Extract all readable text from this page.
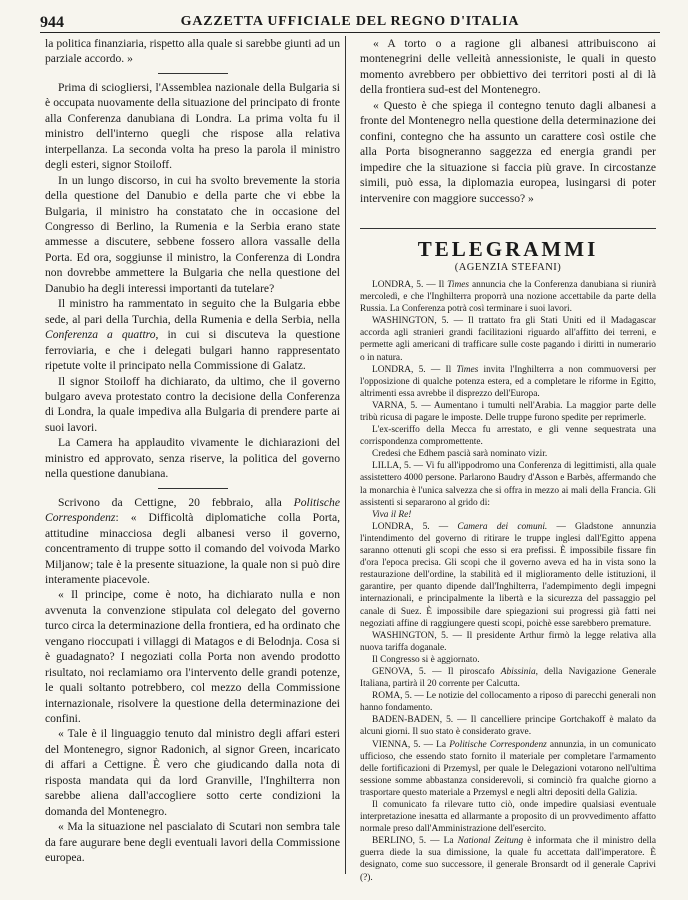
944	GAZZETTA UFFICIALE DEL REGNO D'ITALIA

la politica finanziaria, rispetto alla quale si sarebbe giunti ad un parziale accordo. »

Prima di sciogliersi, l'Assemblea nazionale della Bulgaria si è occupata nuovamente della situazione del principato di fronte alla Conferenza danubiana di Londra. La prima volta fu il ministro dell'interno quegli che rispose alla relativa interpellanza. La seconda volta ha preso la parola il ministro degli esteri, signor Stoiloff.

In un lungo discorso, in cui ha svolto brevemente la storia della questione del Danubio e della parte che vi ebbe la Bulgaria, il ministro ha constatato che in occasione del Congresso di Berlino, la Rumenia e la Serbia erano state ammesse a discutere, sebbene fossero allora vassalle della Porta. Ed ora, soggiunse il ministro, la Conferenza di Londra non dovrebbe ammettere la Bulgaria che nella questione del Danubio ha degli interessi importanti da tutelare?

Il ministro ha rammentato in seguito che la Bulgaria ebbe sede, al pari della Turchia, della Rumenia e della Serbia, nella Conferenza a quattro, in cui si discuteva la questione ferroviaria, e che i delegati bulgari hanno rappresentato ripetute volte il principato nella Commissione di Galatz.

Il signor Stoiloff ha dichiarato, da ultimo, che il governo bulgaro aveva protestato contro la decisione della Conferenza di Londra, la quale impediva alla Bulgaria di prendere parte ai suoi lavori.

La Camera ha applaudito vivamente le dichiarazioni del ministro ed approvato, senza riserve, la politica del governo nella questione danubiana.

Scrivono da Cettigne, 20 febbraio, alla Politische Correspondenz: « Difficoltà diplomatiche colla Porta, attitudine minacciosa degli albanesi verso il governo, concentramento di truppe sotto il comando del voivoda Marko Miljanow; tale è la presente situazione, la quale non si può dire interamente piacevole.

« Il principe, come è noto, ha dichiarato nulla e non avvenuta la convenzione stipulata col delegato del governo turco circa la determinazione della frontiera, ed ha ordinato che vengano rioccupati i villaggi di Matagos e di Belodnja. Cosa si è guadagnato? I negoziati colla Porta non avendo prodotto risultato, noi reclamiamo ora l'intervento delle grandi potenze, le quali soltanto potrebbero, col mezzo della Commissione internazionale, risolvere la questione della determinazione dei confini.

« Tale è il linguaggio tenuto dal ministro degli affari esteri del Montenegro, signor Radonich, al signor Green, incaricato di affari a Cettigne. È vero che giudicando dalla nota di risposta mandata qui da lord Granville, l'Inghilterra non sarebbe aliena dall'accogliere sotto certe condizioni la domanda del Montenegro.

« Ma la situazione nel pascialato di Scutari non sembra tale da fare augurare bene degli eventuali lavori della Commissione europea.

« A torto o a ragione gli albanesi attribuiscono ai montenegrini delle velleità annessioniste, le quali in questo momento avrebbero per obbiettivo dei territori posti al di là della frontiera sud-est del Montenegro.

« Questo è che spiega il contegno tenuto dagli albanesi a fronte del Montenegro nella questione della determinazione dei confini, contegno che ha assunto un carattere così ostile che alla Porta bisogneranno saggezza ed energia grandi per impedire che la situazione si faccia più grave. In circostanze simili, può essa, la diplomazia europea, lusingarsi di poter intervenire con maggiore successo? »

TELEGRAMMI
(AGENZIA STEFANI)

LONDRA, 5. — Il Times annuncia che la Conferenza danubiana si riunirà mercoledì, e che l'Inghilterra proporrà una nozione accettabile da parte della Russia. La Conferenza potrà così terminare i suoi lavori.

WASHINGTON, 5. — Il trattato fra gli Stati Uniti ed il Madagascar accorda agli stranieri grandi facilitazioni riguardo all'affitto dei terreni, e permette agli americani di trafficare sulle coste pagando i diritti in numerario o in natura.

LONDRA, 5. — Il Times invita l'Inghilterra a non commuoversi per l'opposizione di qualche potenza estera, ed a completare le riforme in Egitto, altrimenti essa avrebbe il disprezzo dell'Europa.

VARNA, 5. — Aumentano i tumulti nell'Arabia. La maggior parte delle tribù ricusa di pagare le imposte. Delle truppe furono spedite per reprimerle.

L'ex-sceriffo della Mecca fu arrestato, e gli venne sequestrata una corrispondenza compromettente.

Credesi che Edhem pascià sarà nominato vizir.

LILLA, 5. — Vi fu all'ippodromo una Conferenza di legittimisti, alla quale assistettero 4000 persone. Parlarono Baudry d'Asson e Barbès, affermando che la monarchia è l'unica salvezza che si offra in mezzo ai mali della Francia. Gli assistenti si separarono al grido di:

Viva il Re!

LONDRA, 5. — Camera dei comuni. — Gladstone annunzia l'intendimento del governo di ritirare le truppe inglesi dall'Egitto appena saranno ottenuti gli scopi che esso si era prefissi. È impossibile fissare fin d'ora l'epoca precisa. Gli scopi che il governo aveva ed ha in vista sono la restaurazione dell'ordine, la stabilità ed il miglioramento delle istituzioni, il garantire, per quanto dipende dall'Inghilterra, l'adempimento degli impegni internazionali, e principalmente la libertà e la sicurezza del passaggio pel canale di Suez. È impossibile dare spiegazioni sui progressi già fatti nei negoziati affine di raggiungere questi scopi, poichè esse sarebbero premature.

WASHINGTON, 5. — Il presidente Arthur firmò la legge relativa alla nuova tariffa doganale.

Il Congresso si è aggiornato.

GENOVA, 5. — Il piroscafo Abissinia, della Navigazione Generale Italiana, partirà il 20 corrente per Calcutta.

ROMA, 5. — Le notizie del collocamento a riposo di parecchi generali non hanno fondamento.

BADEN-BADEN, 5. — Il cancelliere principe Gortchakoff è malato da alcuni giorni. Il suo stato è considerato grave.

VIENNA, 5. — La Politische Correspondenz annunzia, in un comunicato ufficioso, che essendo stato fornito il materiale per completare l'armamento delle fortificazioni di Przemysl, per quale le Delegazioni votarono nell'ultima sessione somme abbastanza considerevoli, si cominciò fra qualche giorno a trasportare questo materiale a Przemysl e negli altri depositi della Galizia.

Il comunicato fa rilevare tutto ciò, onde impedire qualsiasi eventuale interpretazione inesatta ed allarmante a proposito di un provvedimento affatto normale preso dall'Amministrazione dell'esercito.

BERLINO, 5. — La National Zeitung è informata che il ministro della guerra diede la sua dimissione, la quale fu accettata dall'imperatore. È designato, come suo successore, il generale Bronsardt od il generale Caprivi (?).
